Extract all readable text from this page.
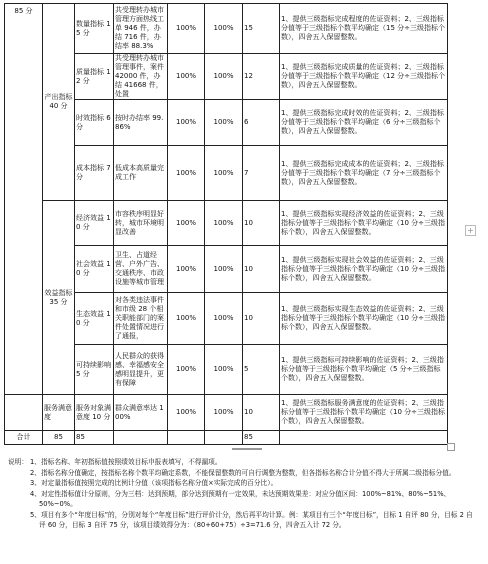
85 分	产出指标 40 分	数量指标 15 分	共受理转办城市管理方面热线工单 946 件，办结 716 件，办结率 88.3%	100%	100%	15	1、提供三级指标完成程度的佐证资料；2、三级指标分值等于三级指标个数平均确定（15 分÷三级指标个数），四舍五入保留整数。
		质量指标 12 分	共受理转办城市管理事件，案件 42000 件，办结 41668 件，处置	100%	100%	12	1、提供三级指标完成质量的佐证资料；2、三级指标分值等于三级指标个数平均确定（12 分÷三级指标个数），四舍五入保留整数。
		时效指标 6 分	按时办结率 99.86%	100%	100%	6	1、提供三级指标完成时效的佐证资料；2、三级指标分值等于三级指标个数平均确定（6 分÷三级指标个数），四舍五入保留整数。
		成本指标 7 分	低成本高质量完成工作	100%	100%	7	1、提供三级指标完成成本的佐证资料；2、三级指标分值等于三级指标个数平均确定（7 分÷三级指标个数），四舍五入保留整数。
	效益指标 35 分	经济效益 10 分	市容秩序明显好转，城市环境明显改善	100%	100%	10	1、提供三级指标实现经济效益的佐证资料；2、三级指标分值等于三级指标个数平均确定（10 分÷三级指标个数），四舍五入保留整数。
		社会效益 10 分	卫生、占道经营、户外广告、交通秩序、市政设施等城市管理	100%	100%	10	1、提供三级指标实现社会效益的佐证资料；2、三级指标分值等于三级指标个数平均确定（10 分÷三级指标个数），四舍五入保留整数。
		生态效益 10 分	对各类违法事件和市级 28 个相关职能部门的案件处置情况进行了通报，	100%	100%	10	1、提供三级指标实现生态效益的佐证资料；2、三级指标分值等于三级指标个数平均确定（10 分÷三级指标个数），四舍五入保留整数。
		可持续影响 5 分	人民群众的获得感、幸福感安全感明显提升，更有保障	100%	100%	5	1、提供三级指标可持续影响的佐证资料；2、三级指标分值等于三级指标个数平均确定（5 分÷三级指标个数），四舍五入保留整数。
	服务满意度	服务对象满意度 10 分	群众满意率达 100%	100%	100%	10	1、提供三级指标服务满意度的佐证资料；2、三级指标分值等于三级指标个数平均确定（10 分÷三级指标个数），四舍五入保留整数。
合计	85	85				85	
+
说明： 1、指标名称、年初指标值按照绩效目标申报表填写，不得漏项。
2、指标名称分值确定，按指标名称个数平均确定系数，不能保留整数的可自行调整为整数，但各指标名称合计分值不得大于所属二级指标分值。
3、对定量指标值按照完成的比例计分值（该项指标名称分值×实际完成的百分比）。
4、对定性指标值计分原则，分为三档：达到预期，部分达到预期有一定效果，未达预期效果差：对应分值区间：100%~81%、80%~51%、50%~0%。
5、项目有多个“年度目标”的，分别对每个“年度目标”进行评价计分，然后再平均计算。例：某项目有三个“年度目标”，目标 1 自评 80 分，目标 2 自评 60 分，目标 3 自评 75 分，该项目绩效得分为：（80+60+75）÷3=71.6 分，四舍五入计 72 分。
